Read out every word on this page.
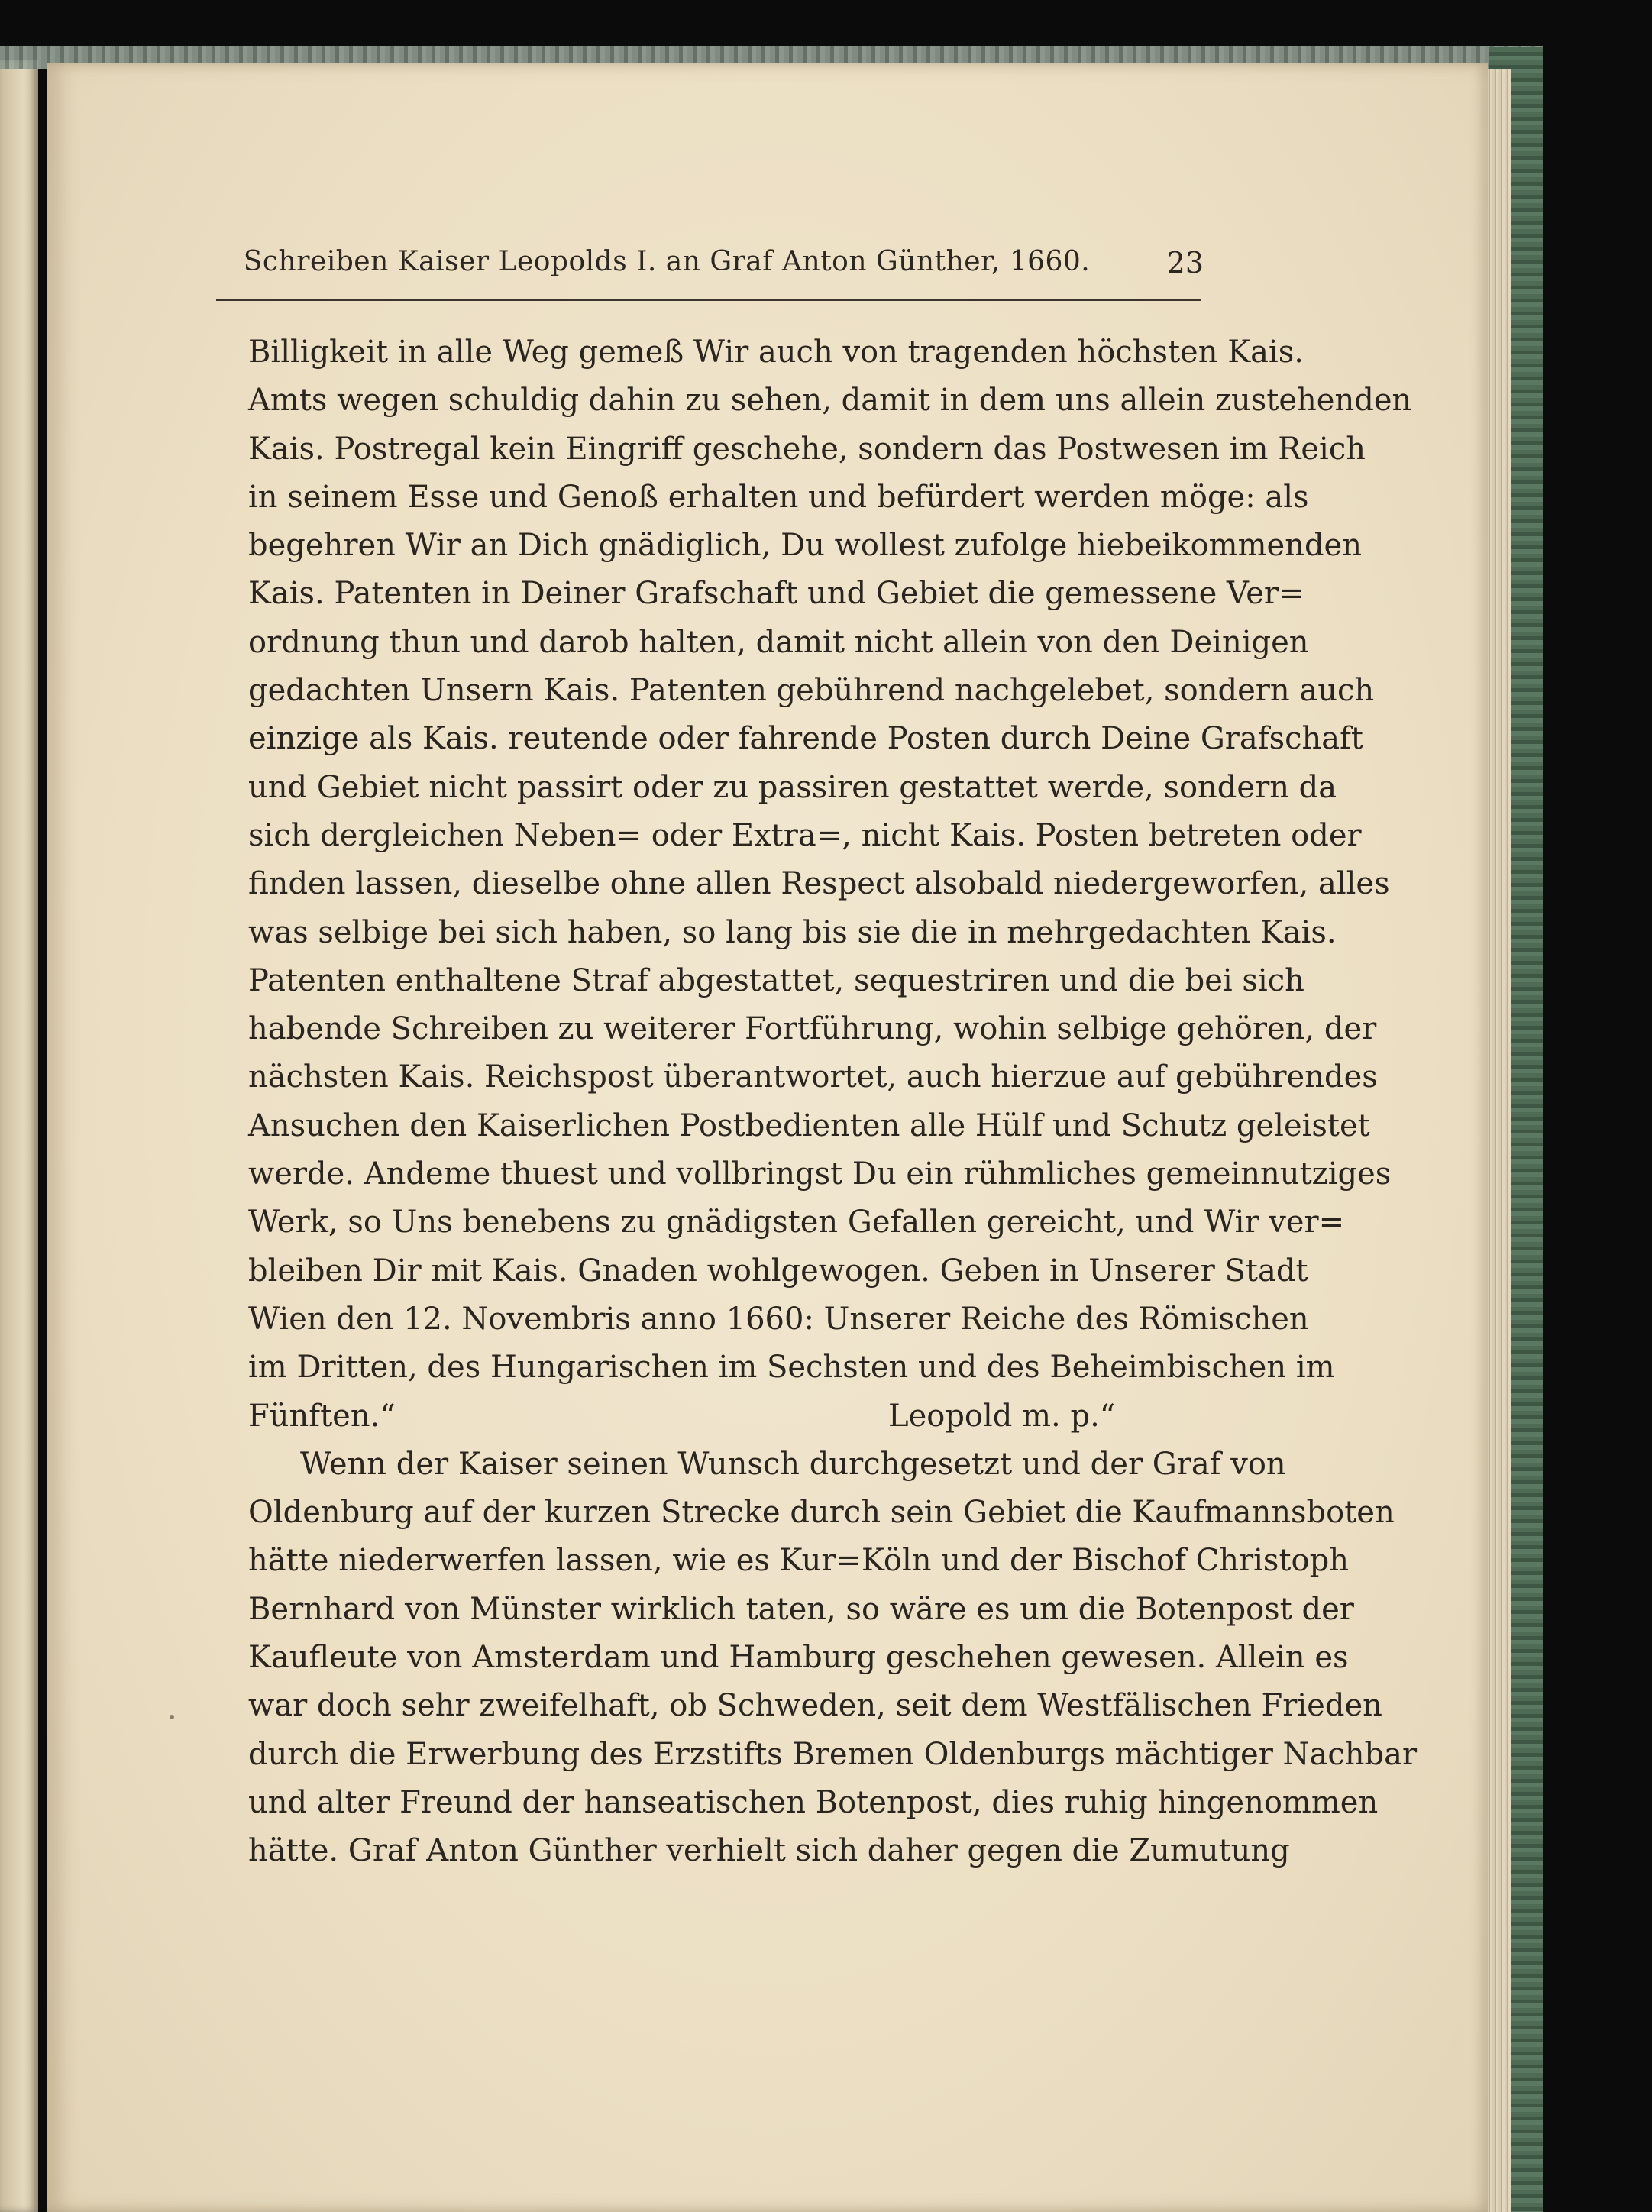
Schreiben Kaiser Leopolds I. an Graf Anton Günther, 1660.	23
Billigkeit in alle Weg gemeß Wir auch von tragenden höchsten Kais.
Amts wegen schuldig dahin zu sehen, damit in dem uns allein zustehenden
Kais. Postregal kein Eingriff geschehe, sondern das Postwesen im Reich
in seinem Esse und Genoß erhalten und befürdert werden möge: als
begehren Wir an Dich gnädiglich, Du wollest zufolge hiebeikommenden
Kais. Patenten in Deiner Grafschaft und Gebiet die gemessene Ver=
ordnung thun und darob halten, damit nicht allein von den Deinigen
gedachten Unsern Kais. Patenten gebührend nachgelebet, sondern auch
einzige als Kais. reutende oder fahrende Posten durch Deine Grafschaft
und Gebiet nicht passirt oder zu passiren gestattet werde, sondern da
sich dergleichen Neben= oder Extra=, nicht Kais. Posten betreten oder
finden lassen, dieselbe ohne allen Respect alsobald niedergeworfen, alles
was selbige bei sich haben, so lang bis sie die in mehrgedachten Kais.
Patenten enthaltene Straf abgestattet, sequestriren und die bei sich
habende Schreiben zu weiterer Fortführung, wohin selbige gehören, der
nächsten Kais. Reichspost überantwortet, auch hierzue auf gebührendes
Ansuchen den Kaiserlichen Postbedienten alle Hülf und Schutz geleistet
werde. Andeme thuest und vollbringst Du ein rühmliches gemeinnutziges
Werk, so Uns benebens zu gnädigsten Gefallen gereicht, und Wir ver=
bleiben Dir mit Kais. Gnaden wohlgewogen. Geben in Unserer Stadt
Wien den 12. Novembris anno 1660: Unserer Reiche des Römischen
im Dritten, des Hungarischen im Sechsten und des Beheimbischen im
Fünften.“	Leopold m. p.“
Wenn der Kaiser seinen Wunsch durchgesetzt und der Graf von
Oldenburg auf der kurzen Strecke durch sein Gebiet die Kaufmannsboten
hätte niederwerfen lassen, wie es Kur=Köln und der Bischof Christoph
Bernhard von Münster wirklich taten, so wäre es um die Botenpost der
Kaufleute von Amsterdam und Hamburg geschehen gewesen. Allein es
war doch sehr zweifelhaft, ob Schweden, seit dem Westfälischen Frieden
durch die Erwerbung des Erzstifts Bremen Oldenburgs mächtiger Nachbar
und alter Freund der hanseatischen Botenpost, dies ruhig hingenommen
hätte. Graf Anton Günther verhielt sich daher gegen die Zumutung
